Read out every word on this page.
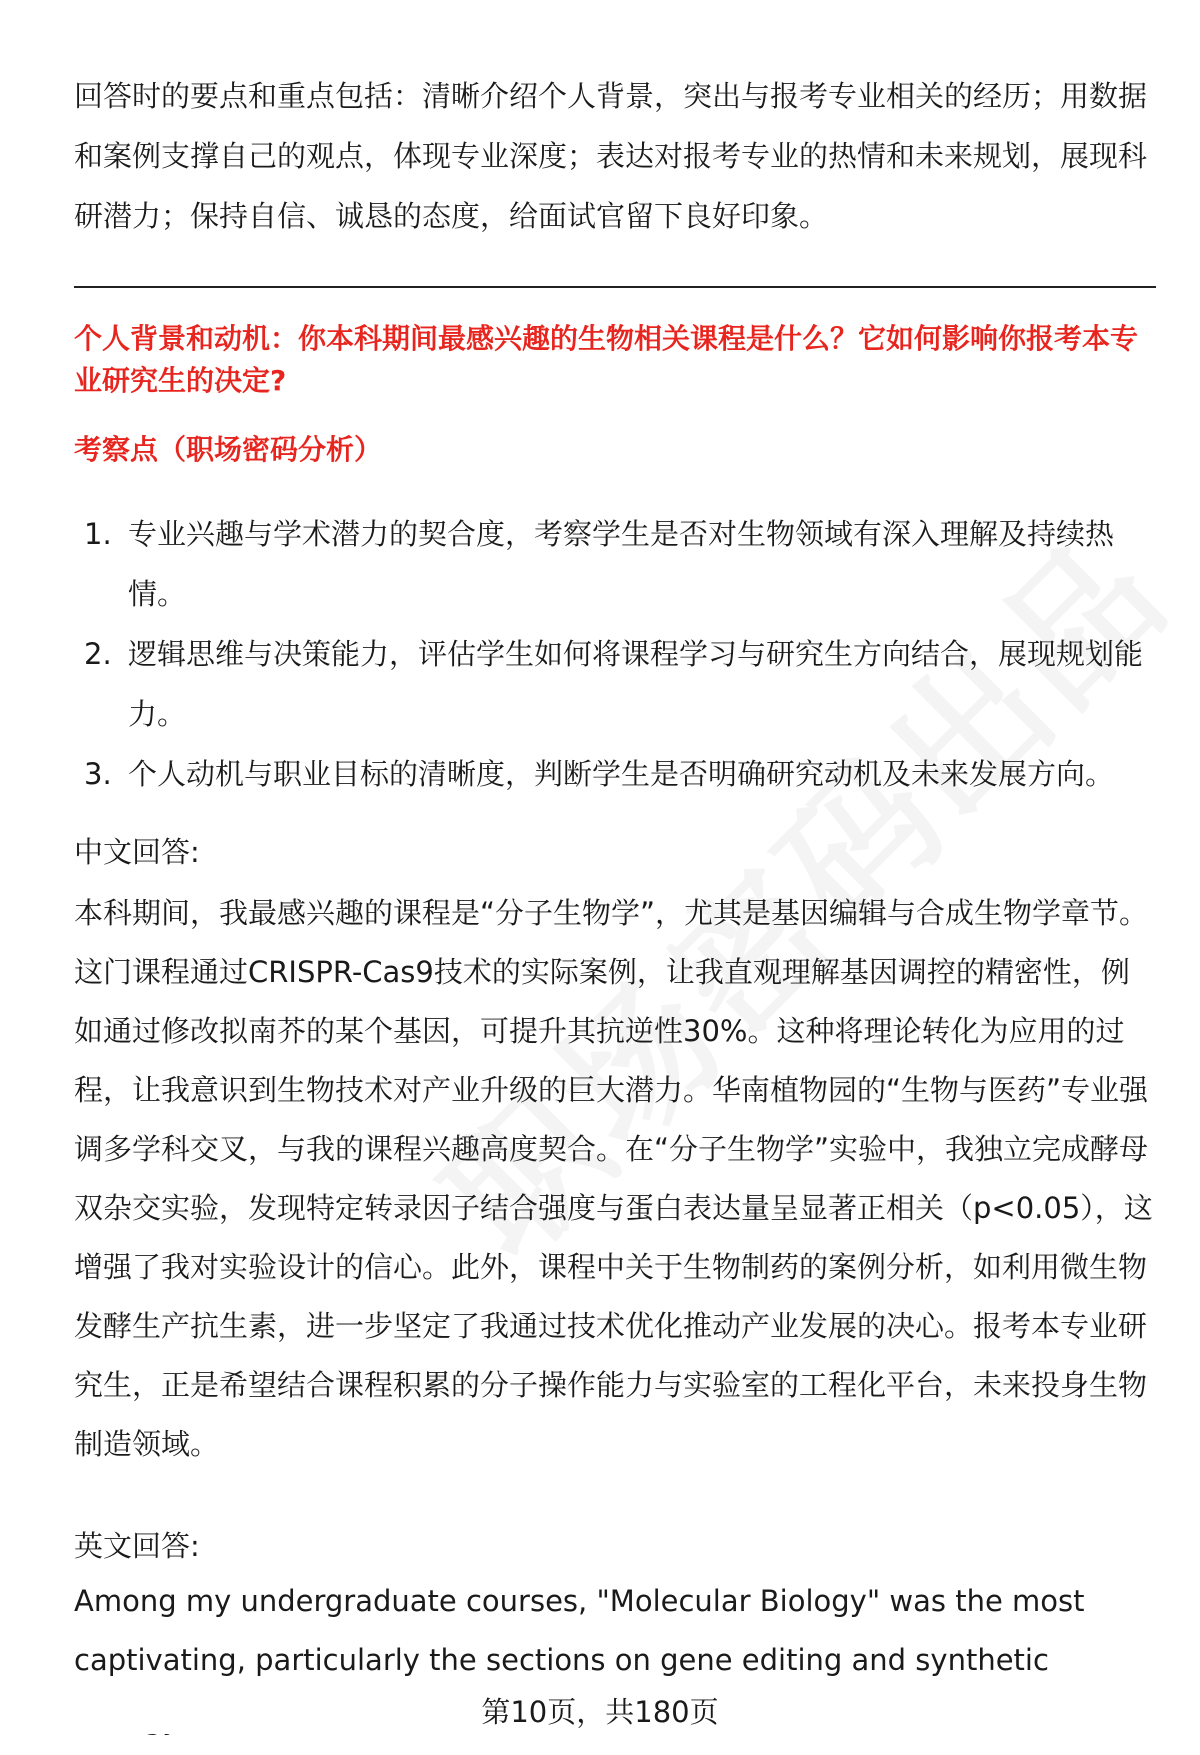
回答时的要点和重点包括：清晰介绍个人背景，突出与报考专业相关的经历；用数据和案例支撑自己的观点，体现专业深度；表达对报考专业的热情和未来规划，展现科研潜力；保持自信、诚恳的态度，给面试官留下良好印象。

个人背景和动机：你本科期间最感兴趣的生物相关课程是什么？它如何影响你报考本专业研究生的决定?

考察点（职场密码分析）

1. 专业兴趣与学术潜力的契合度，考察学生是否对生物领域有深入理解及持续热情。
2. 逻辑思维与决策能力，评估学生如何将课程学习与研究生方向结合，展现规划能力。
3. 个人动机与职业目标的清晰度，判断学生是否明确研究动机及未来发展方向。

中文回答:

本科期间，我最感兴趣的课程是“分子生物学”，尤其是基因编辑与合成生物学章节。这门课程通过CRISPR-Cas9技术的实际案例，让我直观理解基因调控的精密性，例如通过修改拟南芥的某个基因，可提升其抗逆性30%。这种将理论转化为应用的过程，让我意识到生物技术对产业升级的巨大潜力。华南植物园的“生物与医药”专业强调多学科交叉，与我的课程兴趣高度契合。在“分子生物学”实验中，我独立完成酵母双杂交实验，发现特定转录因子结合强度与蛋白表达量呈显著正相关（p<0.05），这增强了我对实验设计的信心。此外，课程中关于生物制药的案例分析，如利用微生物发酵生产抗生素，进一步坚定了我通过技术优化推动产业发展的决心。报考本专业研究生，正是希望结合课程积累的分子操作能力与实验室的工程化平台，未来投身生物制造领域。

英文回答:

Among my undergraduate courses, "Molecular Biology" was the most captivating, particularly the sections on gene editing and synthetic

第10页，共180页
